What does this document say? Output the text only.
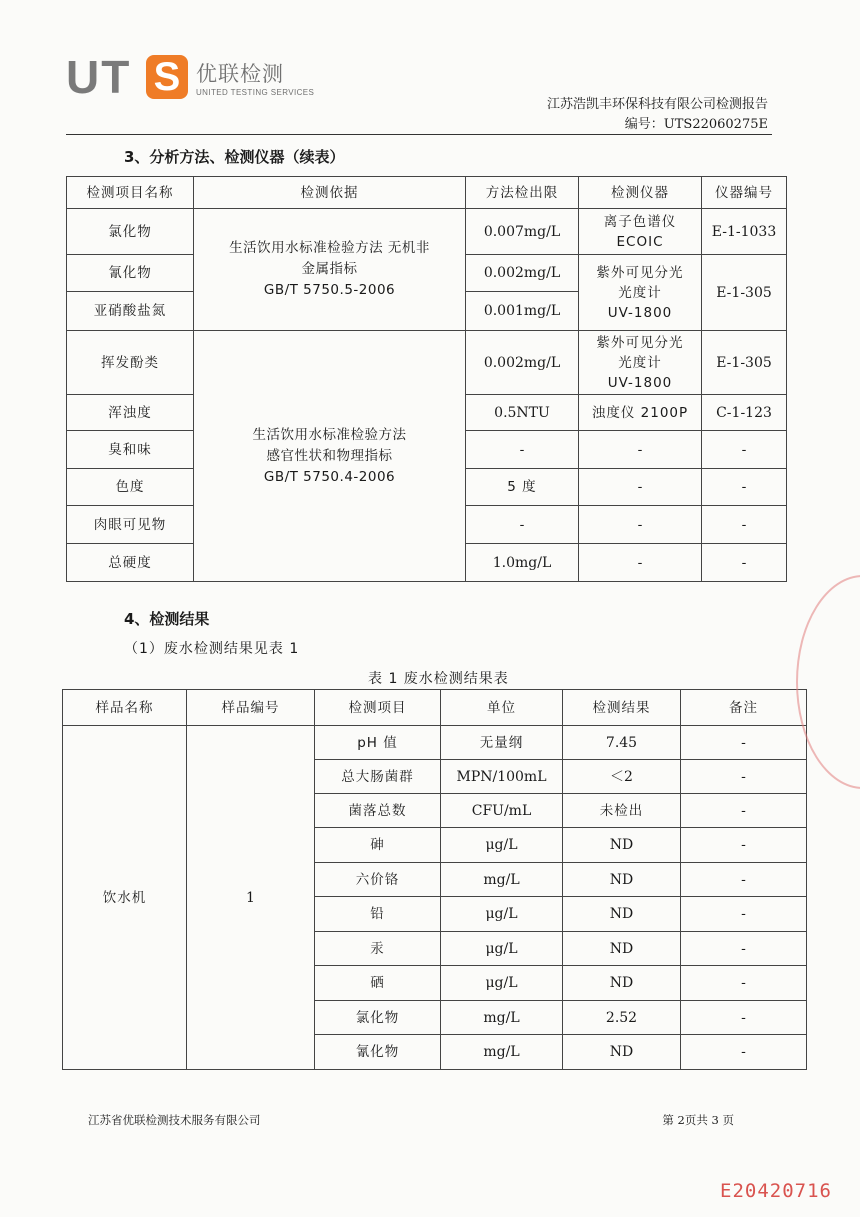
UT S 优联检测
UNITED TESTING SERVICES
江苏浩凯丰环保科技有限公司检测报告
编号：UTS22060275E
3、分析方法、检测仪器（续表）
检测项目名称	检测依据	方法检出限	检测仪器	仪器编号
氯化物	生活饮用水标准检验方法 无机非
金属指标
GB/T 5750.5-2006	0.007mg/L	离子色谱仪
ECOIC	E-1-1033
氰化物		0.002mg/L	紫外可见分光
光度计
UV-1800	E-1-305
亚硝酸盐氮		0.001mg/L		
挥发酚类	生活饮用水标准检验方法
感官性状和物理指标
GB/T 5750.4-2006	0.002mg/L	紫外可见分光
光度计
UV-1800	E-1-305
浑浊度		0.5NTU	浊度仪 2100P	C-1-123
臭和味		-	-	-
色度		5 度	-	-
肉眼可见物		-	-	-
总硬度		1.0mg/L	-	-
4、检测结果
（1）废水检测结果见表 1
表 1 废水检测结果表
样品名称	样品编号	检测项目	单位	检测结果	备注
饮水机	1	pH 值	无量纲	7.45	-
		总大肠菌群	MPN/100mL	＜2	-
		菌落总数	CFU/mL	未检出	-
		砷	μg/L	ND	-
		六价铬	mg/L	ND	-
		铅	μg/L	ND	-
		汞	μg/L	ND	-
		硒	μg/L	ND	-
		氯化物	mg/L	2.52	-
		氰化物	mg/L	ND	-
江苏省优联检测技术服务有限公司	第 2页共 3 页
E20420716
